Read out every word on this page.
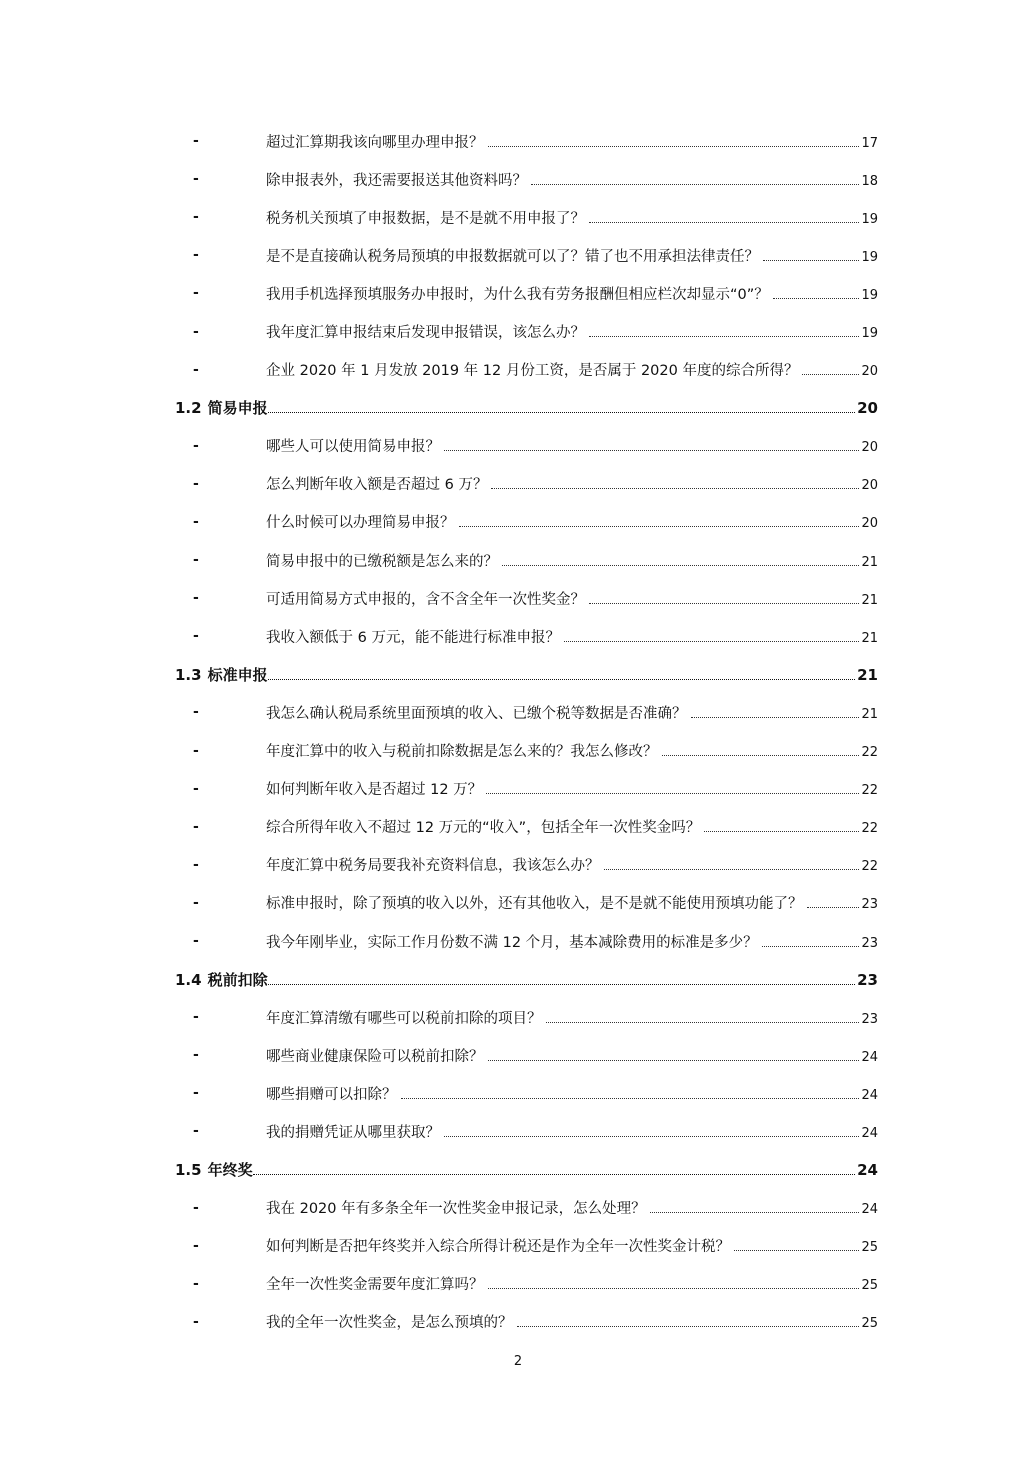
-	超过汇算期我该向哪里办理申报？	17
-	除申报表外，我还需要报送其他资料吗？	18
-	税务机关预填了申报数据，是不是就不用申报了？	19
-	是不是直接确认税务局预填的申报数据就可以了？错了也不用承担法律责任？	19
-	我用手机选择预填服务办申报时，为什么我有劳务报酬但相应栏次却显示“0”？	19
-	我年度汇算申报结束后发现申报错误，该怎么办？	19
-	企业 2020 年 1 月发放 2019 年 12 月份工资，是否属于 2020 年度的综合所得？	20
1.2 简易申报	20
-	哪些人可以使用简易申报？	20
-	怎么判断年收入额是否超过 6 万？	20
-	什么时候可以办理简易申报？	20
-	简易申报中的已缴税额是怎么来的？	21
-	可适用简易方式申报的，含不含全年一次性奖金？	21
-	我收入额低于 6 万元，能不能进行标准申报？	21
1.3 标准申报	21
-	我怎么确认税局系统里面预填的收入、已缴个税等数据是否准确？	21
-	年度汇算中的收入与税前扣除数据是怎么来的？我怎么修改？	22
-	如何判断年收入是否超过 12 万？	22
-	综合所得年收入不超过 12 万元的“收入”，包括全年一次性奖金吗？	22
-	年度汇算中税务局要我补充资料信息，我该怎么办？	22
-	标准申报时，除了预填的收入以外，还有其他收入，是不是就不能使用预填功能了？	23
-	我今年刚毕业，实际工作月份数不满 12 个月，基本减除费用的标准是多少？	23
1.4 税前扣除	23
-	年度汇算清缴有哪些可以税前扣除的项目？	23
-	哪些商业健康保险可以税前扣除？	24
-	哪些捐赠可以扣除？	24
-	我的捐赠凭证从哪里获取？	24
1.5 年终奖	24
-	我在 2020 年有多条全年一次性奖金申报记录，怎么处理？	24
-	如何判断是否把年终奖并入综合所得计税还是作为全年一次性奖金计税？	25
-	全年一次性奖金需要年度汇算吗？	25
-	我的全年一次性奖金，是怎么预填的？	25
2
